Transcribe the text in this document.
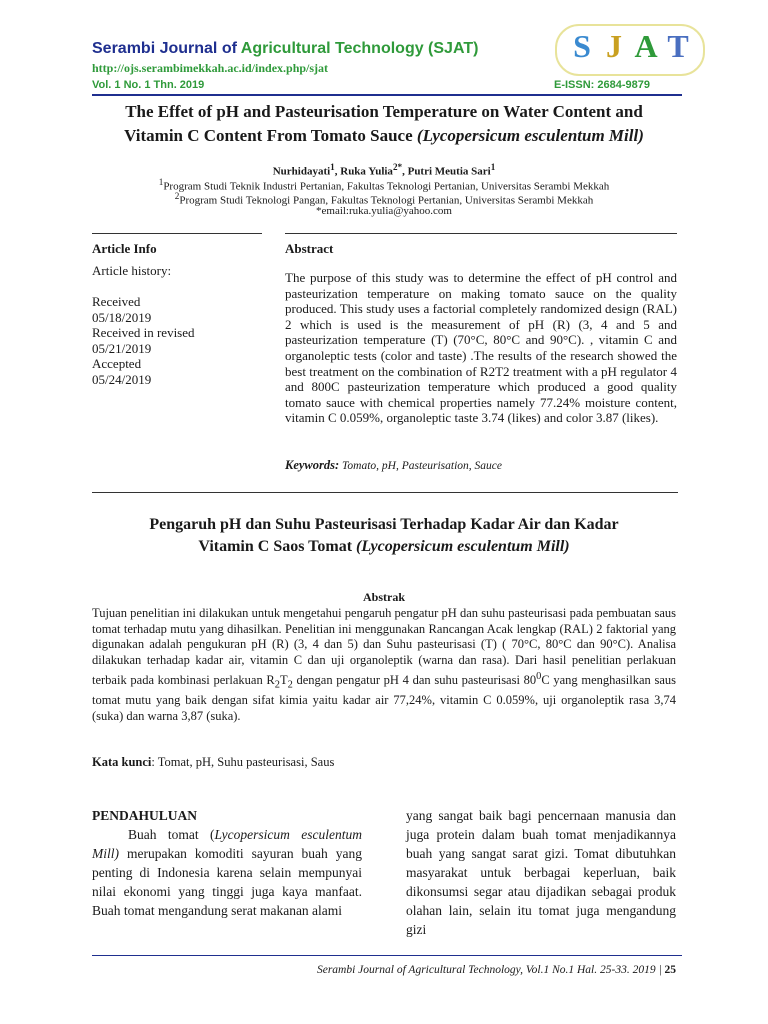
Serambi Journal of Agricultural Technology (SJAT)
http://ojs.serambimekkah.ac.id/index.php/sjat
Vol. 1 No. 1 Thn. 2019	E-ISSN: 2684-9879
S J A T
The Effet of pH and Pasteurisation Temperature on Water Content and
Vitamin C Content From Tomato Sauce (Lycopersicum esculentum Mill)
Nurhidayati$^1$, Ruka Yulia$^{2*}$, Putri Meutia Sari$^1$
$^1$Program Studi Teknik Industri Pertanian, Fakultas Teknologi Pertanian, Universitas Serambi Mekkah
$^2$Program Studi Teknologi Pangan, Fakultas Teknologi Pertanian, Universitas Serambi Mekkah
*email:ruka.yulia@yahoo.com
Article Info
Article history:
Received
05/18/2019
Received in revised
05/21/2019
Accepted
05/24/2019
Abstract
The purpose of this study was to determine the effect of pH control and pasteurization temperature on making tomato sauce on the quality produced. This study uses a factorial completely randomized design (RAL) 2 which is used is the measurement of pH (R) (3, 4 and 5 and pasteurization temperature (T) (70°C, 80°C and 90°C). , vitamin C and organoleptic tests (color and taste) .The results of the research showed the best treatment on the combination of R2T2 treatment with a pH regulator 4 and 800C pasteurization temperature which produced a good quality tomato sauce with chemical properties namely 77.24% moisture content, vitamin C 0.059%, organoleptic taste 3.74 (likes) and color 3.87 (likes).
Keywords: Tomato, pH, Pasteurisation, Sauce
Pengaruh pH dan Suhu Pasteurisasi Terhadap Kadar Air dan Kadar
Vitamin C Saos Tomat (Lycopersicum esculentum Mill)
Abstrak
Tujuan penelitian ini dilakukan untuk mengetahui pengaruh pengatur pH dan suhu pasteurisasi pada pembuatan saus tomat terhadap mutu yang dihasilkan. Penelitian ini menggunakan Rancangan Acak lengkap (RAL) 2 faktorial yang digunakan adalah pengukuran pH (R) (3, 4 dan 5) dan Suhu pasteurisasi (T) ( 70°C, 80°C dan 90°C). Analisa dilakukan terhadap kadar air, vitamin C dan uji organoleptik (warna dan rasa). Dari hasil penelitian perlakuan terbaik pada kombinasi perlakuan $R_2T_2$ dengan pengatur pH 4 dan suhu pasteurisasi $80^0C$ yang menghasilkan saus tomat mutu yang baik dengan sifat kimia yaitu kadar air 77,24%, vitamin C 0.059%, uji organoleptik rasa 3,74 (suka) dan warna 3,87 (suka).
Kata kunci: Tomat, pH, Suhu pasteurisasi, Saus
PENDAHULUAN
Buah tomat (Lycopersicum esculentum Mill) merupakan komoditi sayuran buah yang penting di Indonesia karena selain mempunyai nilai ekonomi yang tinggi juga kaya manfaat. Buah tomat mengandung serat makanan alami
yang sangat baik bagi pencernaan manusia dan juga protein dalam buah tomat menjadikannya buah yang sangat sarat gizi. Tomat dibutuhkan masyarakat untuk berbagai keperluan, baik dikonsumsi segar atau dijadikan sebagai produk olahan lain, selain itu tomat juga mengandung gizi
Serambi Journal of Agricultural Technology, Vol.1 No.1 Hal. 25-33. 2019 | 25
